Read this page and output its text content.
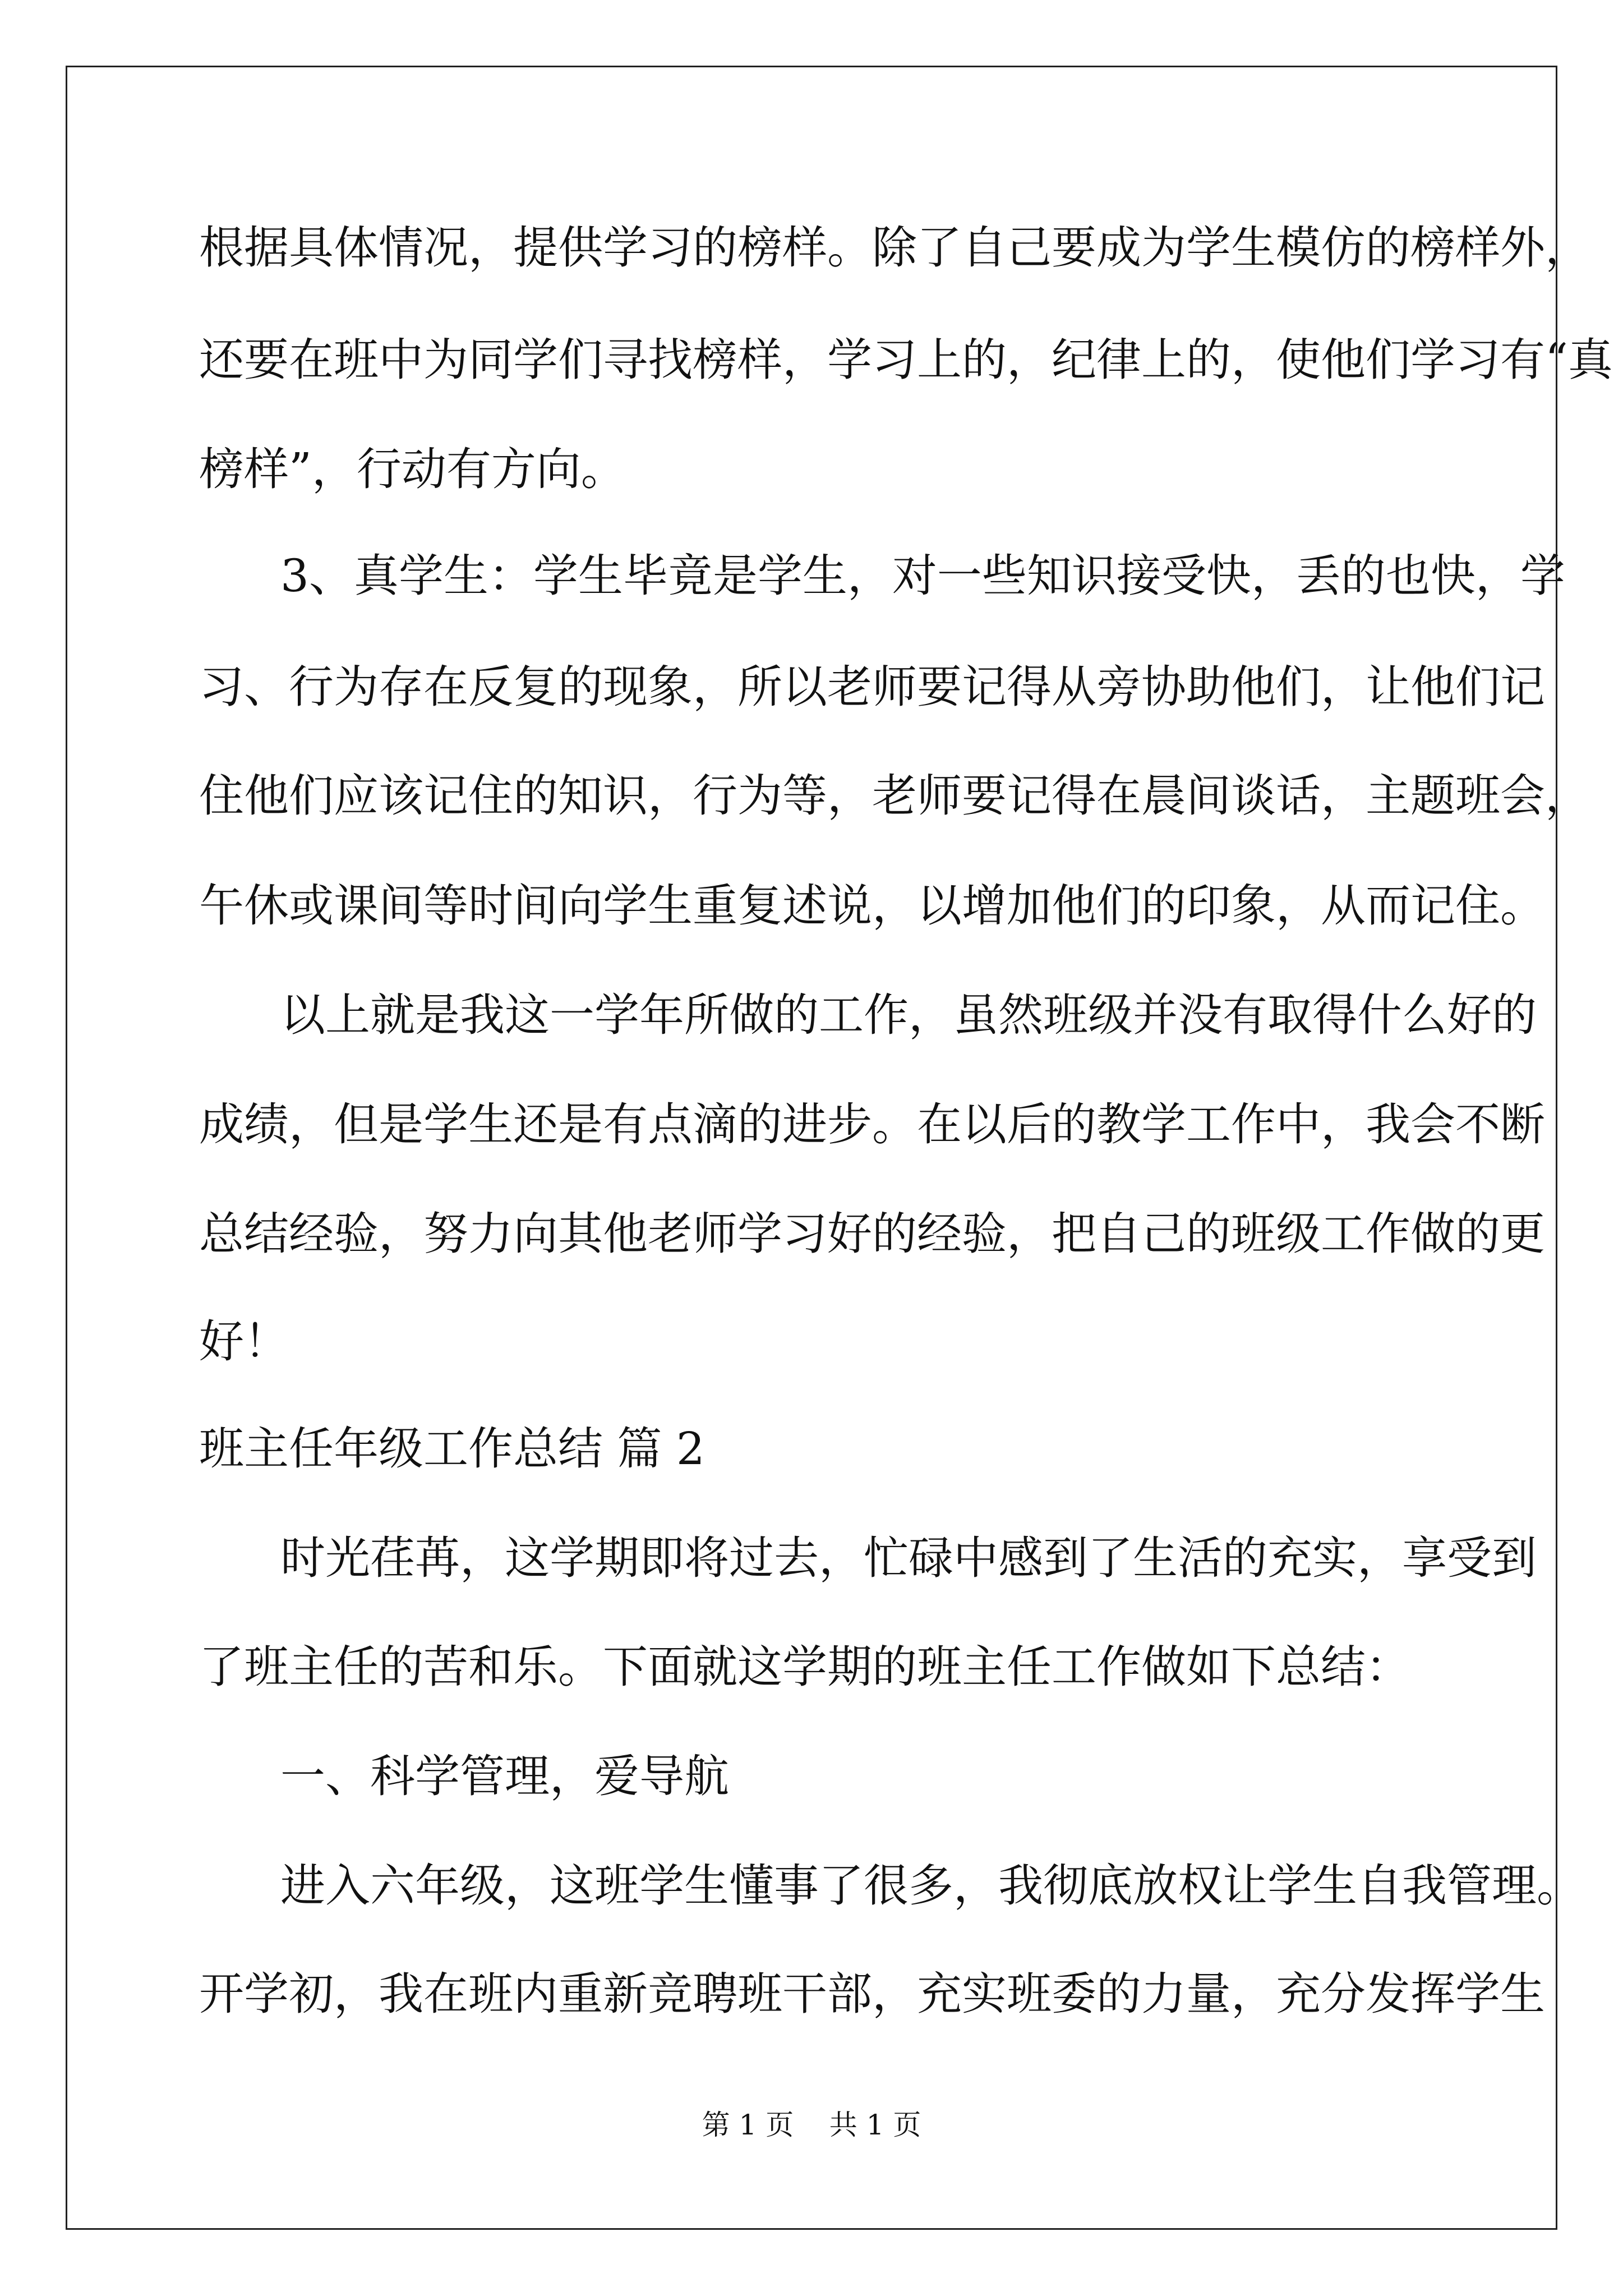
根据具体情况，提供学习的榜样。除了自己要成为学生模仿的榜样外，
还要在班中为同学们寻找榜样，学习上的，纪律上的，使他们学习有“真
榜样”，行动有方向。
3、真学生：学生毕竟是学生，对一些知识接受快，丢的也快，学
习、行为存在反复的现象，所以老师要记得从旁协助他们，让他们记
住他们应该记住的知识，行为等，老师要记得在晨间谈话，主题班会，
午休或课间等时间向学生重复述说，以增加他们的印象，从而记住。
以上就是我这一学年所做的工作，虽然班级并没有取得什么好的
成绩，但是学生还是有点滴的进步。在以后的教学工作中，我会不断
总结经验，努力向其他老师学习好的经验，把自己的班级工作做的更
好！
班主任年级工作总结 篇 2
时光荏苒，这学期即将过去，忙碌中感到了生活的充实，享受到
了班主任的苦和乐。下面就这学期的班主任工作做如下总结：
一、科学管理，爱导航
进入六年级，这班学生懂事了很多，我彻底放权让学生自我管理。
开学初，我在班内重新竞聘班干部，充实班委的力量，充分发挥学生
第 1 页    共 1 页
